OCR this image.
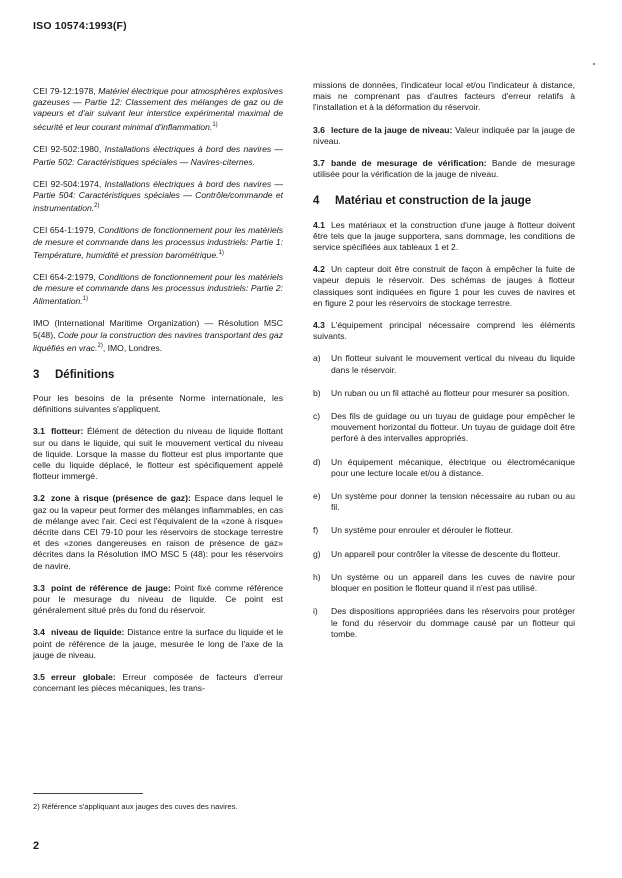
ISO 10574:1993(F)

CEI 79-12:1978, Matériel électrique pour atmosphères explosives gazeuses — Partie 12: Classement des mélanges de gaz ou de vapeurs et d'air suivant leur interstice expérimental maximal de sécurité et leur courant minimal d'inflammation.$^{1)}$

CEI 92-502:1980, Installations électriques à bord des navires — Partie 502: Caractéristiques spéciales — Navires-citernes.

CEI 92-504:1974, Installations électriques à bord des navires — Partie 504: Caractéristiques spéciales — Contrôle/commande et instrumentation.$^{2)}$

CEI 654-1:1979, Conditions de fonctionnement pour les matériels de mesure et commande dans les processus industriels: Partie 1: Température, humidité et pression barométrique.$^{1)}$

CEI 654-2:1979, Conditions de fonctionnement pour les matériels de mesure et commande dans les processus industriels: Partie 2: Alimentation.$^{1)}$

IMO (International Maritime Organization) — Résolution MSC 5(48), Code pour la construction des navires transportant des gaz liquéfiés en vrac.$^{2)}$, IMO, Londres.

3 Définitions

Pour les besoins de la présente Norme internationale, les définitions suivantes s'appliquent.

3.1 flotteur: Élément de détection du niveau de liquide flottant sur ou dans le liquide, qui suit le mouvement vertical du niveau de liquide. Lorsque la masse du flotteur est plus importante que celle du liquide déplacé, le flotteur est spécifiquement appelé flotteur immergé.

3.2 zone à risque (présence de gaz): Espace dans lequel le gaz ou la vapeur peut former des mélanges inflammables, en cas de mélange avec l'air. Ceci est l'équivalent de la «zone à risque» décrite dans CEI 79-10 pour les réservoirs de stockage terrestre et des «zones dangereuses en raison de présence de gaz» décrites dans la Résolution IMO MSC 5 (48): pour les réservoirs de navire.

3.3 point de référence de jauge: Point fixé comme référence pour le mesurage du niveau de liquide. Ce point est généralement situé près du fond du réservoir.

3.4 niveau de liquide: Distance entre la surface du liquide et le point de référence de la jauge, mesurée le long de l'axe de la jauge de niveau.

3.5 erreur globale: Erreur composée de facteurs d'erreur concernant les pièces mécaniques, les trans-

missions de données, l'indicateur local et/ou l'indicateur à distance, mais ne comprenant pas d'autres facteurs d'erreur relatifs à l'installation et à la déformation du réservoir.

3.6 lecture de la jauge de niveau: Valeur indiquée par la jauge de niveau.

3.7 bande de mesurage de vérification: Bande de mesurage utilisée pour la vérification de la jauge de niveau.

4 Matériau et construction de la jauge

4.1 Les matériaux et la construction d'une jauge à flotteur doivent être tels que la jauge supportera, sans dommage, les conditions de service spécifiées aux tableaux 1 et 2.

4.2 Un capteur doit être construit de façon à empêcher la fuite de vapeur depuis le réservoir. Des schémas de jauges à flotteur classiques sont indiquées en figure 1 pour les cuves de navires et en figure 2 pour les réservoirs de stockage terrestre.

4.3 L'équipement principal nécessaire comprend les éléments suivants.

a)	Un flotteur suivant le mouvement vertical du niveau du liquide dans le réservoir.
b)	Un ruban ou un fil attaché au flotteur pour mesurer sa position.
c)	Des fils de guidage ou un tuyau de guidage pour empêcher le mouvement horizontal du flotteur. Un tuyau de guidage doit être perforé à des intervalles appropriés.
d)	Un équipement mécanique, électrique ou électromécanique pour une lecture locale et/ou à distance.
e)	Un système pour donner la tension nécessaire au ruban ou au fil.
f)	Un système pour enrouler et dérouler le flotteur.
g)	Un appareil pour contrôler la vitesse de descente du flotteur.
h)	Un système ou un appareil dans les cuves de navire pour bloquer en position le flotteur quand il n'est pas utilisé.
i)	Des dispositions appropriées dans les réservoirs pour protéger le fond du réservoir du dommage causé par un flotteur qui tombe.
2) Référence s'appliquant aux jauges des cuves des navires.
2
